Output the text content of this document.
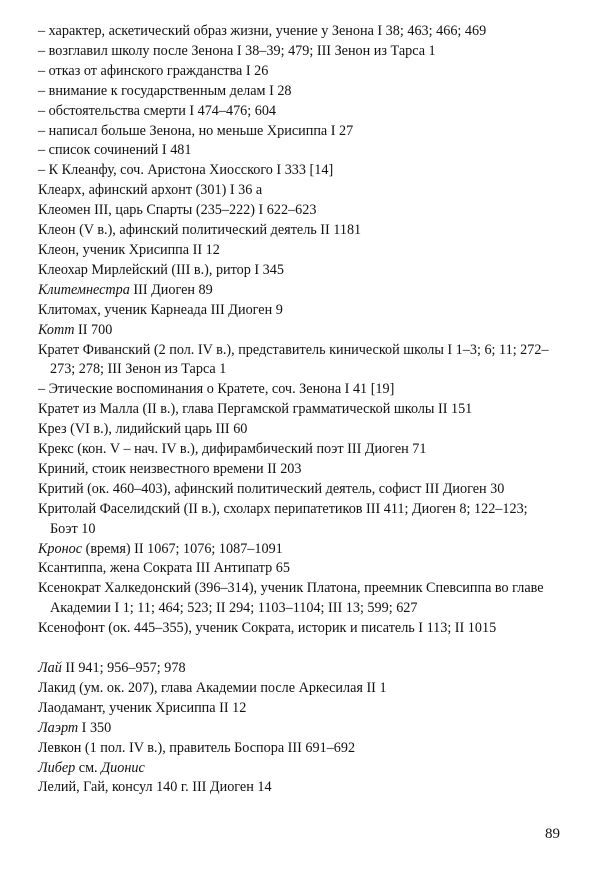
– характер, аскетический образ жизни, учение у Зенона I 38; 463; 466; 469
– возглавил школу после Зенона I 38–39; 479; III Зенон из Тарса 1
– отказ от афинского гражданства I 26
– внимание к государственным делам I 28
– обстоятельства смерти I 474–476; 604
– написал больше Зенона, но меньше Хрисиппа I 27
– список сочинений I 481
– К Клеанфу, соч. Аристона Хиосского I 333 [14]
Клеарх, афинский архонт (301) I 36 а
Клеомен III, царь Спарты (235–222) I 622–623
Клеон (V в.), афинский политический деятель II 1181
Клеон, ученик Хрисиппа II 12
Клеохар Мирлейский (III в.), ритор I 345
Клитемнестра III Диоген 89
Клитомах, ученик Карнеада III Диоген 9
Котт II 700
Кратет Фиванский (2 пол. IV в.), представитель кинической школы I 1–3; 6; 11; 272–273; 278; III Зенон из Тарса 1
– Этические воспоминания о Кратете, соч. Зенона I 41 [19]
Кратет из Малла (II в.), глава Пергамской грамматической школы II 151
Крез (VI в.), лидийский царь III 60
Крекс (кон. V – нач. IV в.), дифирамбический поэт III Диоген 71
Криний, стоик неизвестного времени II 203
Критий (ок. 460–403), афинский политический деятель, софист III Диоген 30
Критолай Фаселидский (II в.), схоларх перипатетиков III 411; Диоген 8; 122–123; Боэт 10
Кронос (время) II 1067; 1076; 1087–1091
Ксантиппа, жена Сократа III Антипатр 65
Ксенократ Халкедонский (396–314), ученик Платона, преемник Спевсиппа во главе Академии I 1; 11; 464; 523; II 294; 1103–1104; III 13; 599; 627
Ксенофонт (ок. 445–355), ученик Сократа, историк и писатель I 113; II 1015
Лай II 941; 956–957; 978
Лакид (ум. ок. 207), глава Академии после Аркесилая II 1
Лаодамант, ученик Хрисиппа II 12
Лаэрт I 350
Левкон (1 пол. IV в.), правитель Боспора III 691–692
Либер см. Дионис
Лелий, Гай, консул 140 г. III Диоген 14
89
